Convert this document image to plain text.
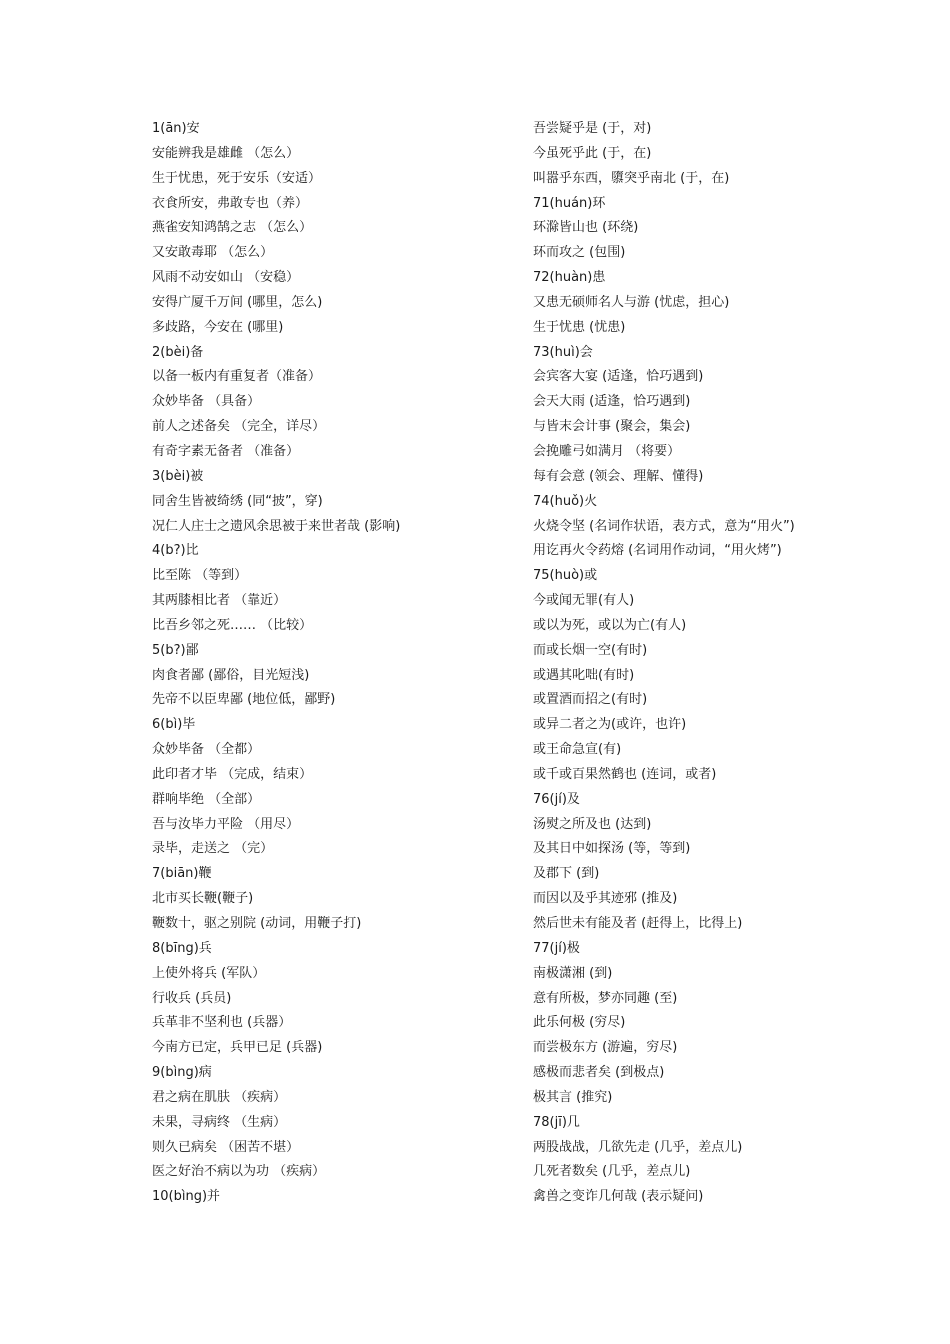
1(ān)安
安能辨我是雄雌 （怎么）
生于忧患，死于安乐（安适）
衣食所安，弗敢专也（养）
燕雀安知鸿鹄之志 （怎么）
又安敢毒耶 （怎么）
风雨不动安如山 （安稳）
安得广厦千万间 (哪里，怎么)
多歧路，今安在 (哪里)
2(bèi)备
以备一板内有重复者（准备）
众妙毕备 （具备）
前人之述备矣 （完全，详尽）
有奇字素无备者 （准备）
3(bèi)被
同舍生皆被绮绣 (同“披”，穿)
况仁人庄士之遗风余思被于来世者哉 (影响)
4(b?)比
比至陈 （等到）
其两膝相比者 （靠近）
比吾乡邻之死…… （比较）
5(b?)鄙
肉食者鄙 (鄙俗，目光短浅)
先帝不以臣卑鄙 (地位低，鄙野)
6(bì)毕
众妙毕备 （全都）
此印者才毕 （完成，结束）
群响毕绝 （全部）
吾与汝毕力平险 （用尽）
录毕，走送之 （完）
7(biān)鞭
北市买长鞭(鞭子)
鞭数十，驱之别院 (动词，用鞭子打)
8(bīng)兵
上使外将兵 (军队）
行收兵 (兵员)
兵革非不坚利也 (兵器）
今南方已定，兵甲已足 (兵器)
9(bìng)病
君之病在肌肤 （疾病）
未果，寻病终 （生病）
则久已病矣 （困苦不堪）
医之好治不病以为功 （疾病）
10(bìng)并
吾尝疑乎是 (于，对)
今虽死乎此 (于，在)
叫嚣乎东西，隳突乎南北 (于，在)
71(huán)环
环滁皆山也 (环绕)
环而攻之 (包围)
72(huàn)患
又患无硕师名人与游 (忧虑，担心)
生于忧患 (忧患)
73(huì)会
会宾客大宴 (适逢，恰巧遇到)
会天大雨 (适逢，恰巧遇到)
与皆末会计事 (聚会，集会)
会挽雕弓如满月 （将要）
每有会意 (领会、理解、懂得)
74(huǒ)火
火烧令坚 (名词作状语，表方式，意为“用火”)
用讫再火令药熔 (名词用作动词，“用火烤”)
75(huò)或
今或闻无罪(有人)
或以为死，或以为亡(有人)
而或长烟一空(有时)
或遇其叱咄(有时)
或置酒而招之(有时)
或异二者之为(或许，也许)
或王命急宣(有)
或千或百果然鹤也 (连词，或者)
76(jí)及
汤熨之所及也 (达到)
及其日中如探汤 (等，等到)
及郡下 (到)
而因以及乎其迹邪 (推及)
然后世未有能及者 (赶得上，比得上)
77(jí)极
南极潇湘 (到)
意有所极，梦亦同趣 (至)
此乐何极 (穷尽)
而尝极东方 (游遍，穷尽)
感极而悲者矣 (到极点)
极其言 (推究)
78(jī)几
两股战战，几欲先走 (几乎，差点儿)
几死者数矣 (几乎，差点儿)
禽兽之变诈几何哉 (表示疑问)
